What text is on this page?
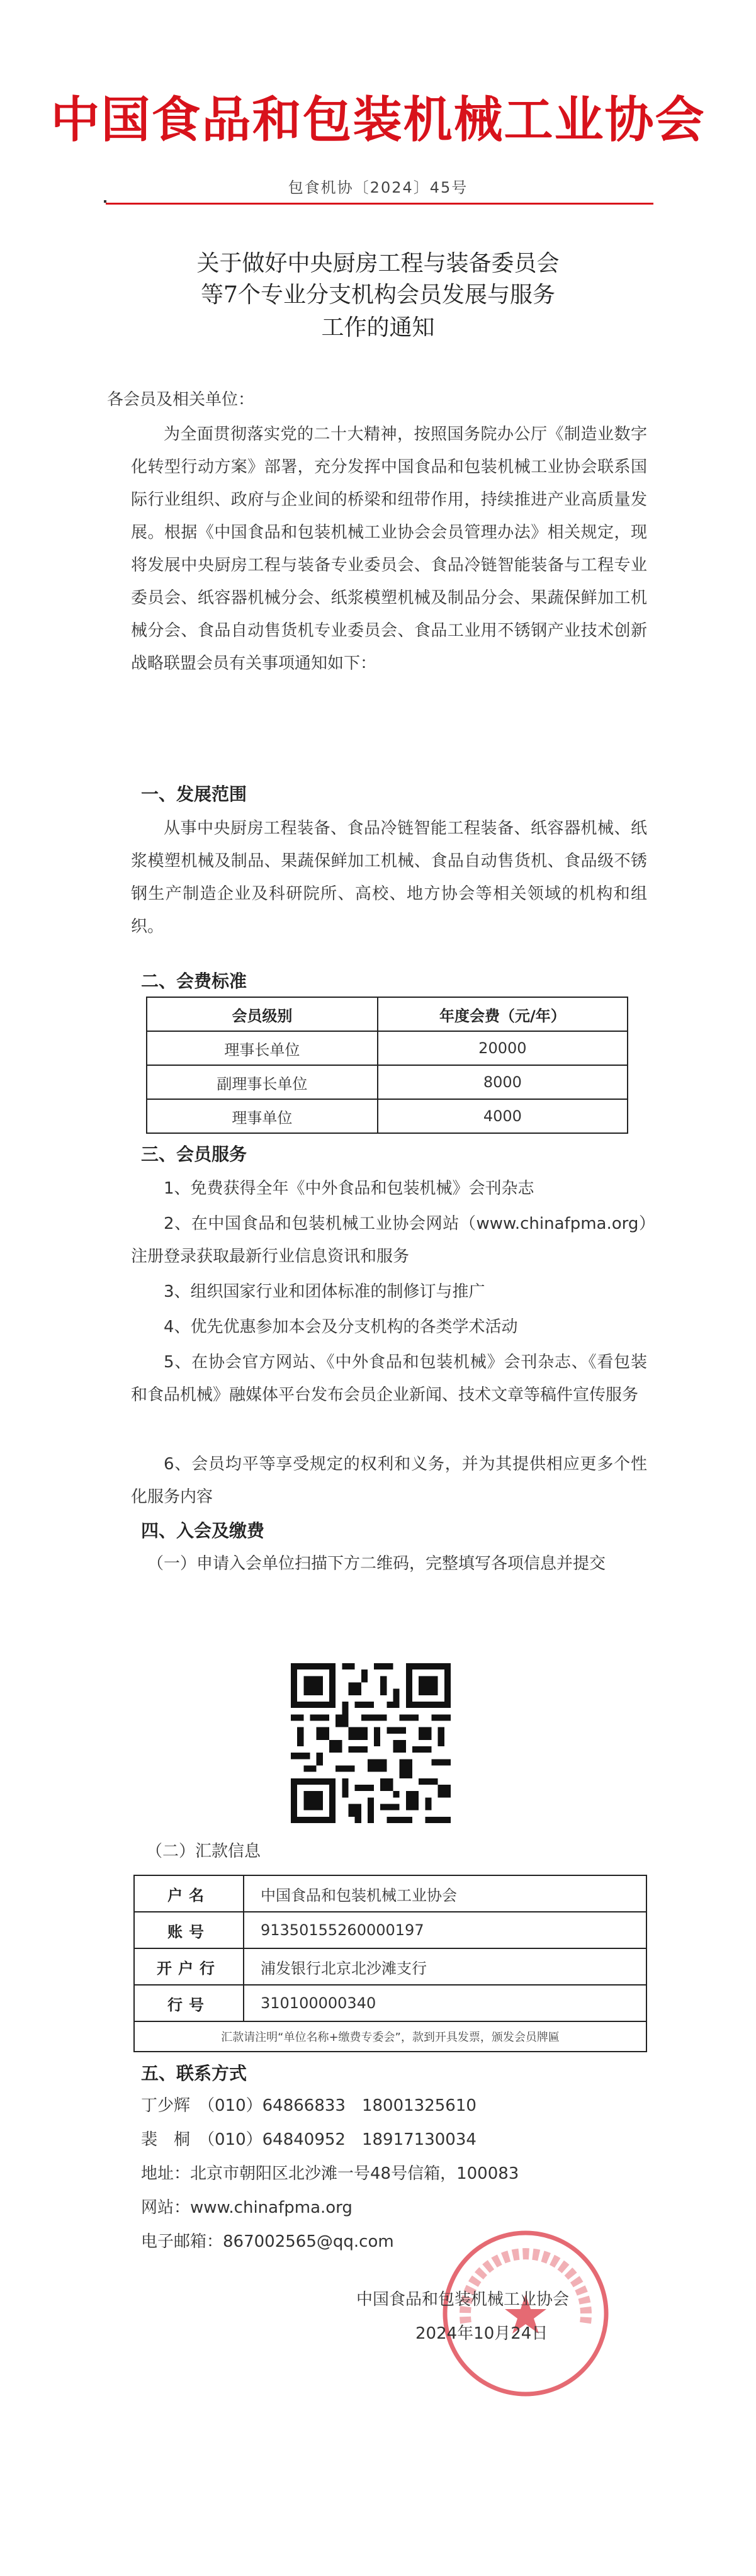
中国食品和包装机械工业协会
包食机协〔2024〕45号
关于做好中央厨房工程与装备委员会
等7个专业分支机构会员发展与服务
工作的通知
各会员及相关单位：
为全面贯彻落实党的二十大精神，按照国务院办公厅《制造业数字化转型行动方案》部署，充分发挥中国食品和包装机械工业协会联系国际行业组织、政府与企业间的桥梁和纽带作用，持续推进产业高质量发展。根据《中国食品和包装机械工业协会会员管理办法》相关规定，现将发展中央厨房工程与装备专业委员会、食品冷链智能装备与工程专业委员会、纸容器机械分会、纸浆模塑机械及制品分会、果蔬保鲜加工机械分会、食品自动售货机专业委员会、食品工业用不锈钢产业技术创新战略联盟会员有关事项通知如下：
一、发展范围
从事中央厨房工程装备、食品冷链智能工程装备、纸容器机械、纸浆模塑机械及制品、果蔬保鲜加工机械、食品自动售货机、食品级不锈钢生产制造企业及科研院所、高校、地方协会等相关领域的机构和组织。
二、会费标准
会员级别	年度会费（元/年）
理事长单位	20000
副理事长单位	8000
理事单位	4000
三、会员服务
1、免费获得全年《中外食品和包装机械》会刊杂志
2、在中国食品和包装机械工业协会网站（www.chinafpma.org）注册登录获取最新行业信息资讯和服务
3、组织国家行业和团体标准的制修订与推广
4、优先优惠参加本会及分支机构的各类学术活动
5、在协会官方网站、《中外食品和包装机械》会刊杂志、《看包装和食品机械》融媒体平台发布会员企业新闻、技术文章等稿件宣传服务
6、会员均平等享受规定的权利和义务，并为其提供相应更多个性化服务内容
四、入会及缴费
（一）申请入会单位扫描下方二维码，完整填写各项信息并提交
（二）汇款信息
户名	中国食品和包装机械工业协会
账号	91350155260000197
开户行	浦发银行北京北沙滩支行
行号	310100000340
汇款请注明“单位名称+缴费专委会”，款到开具发票，颁发会员牌匾	
五、联系方式
丁少辉　（010）64866833　18001325610
裴　桐　（010）64840952　18917130034
地址：北京市朝阳区北沙滩一号48号信箱，100083
网站：www.chinafpma.org
电子邮箱：867002565@qq.com
中国食品和包装机械工业协会
2024年10月24日
